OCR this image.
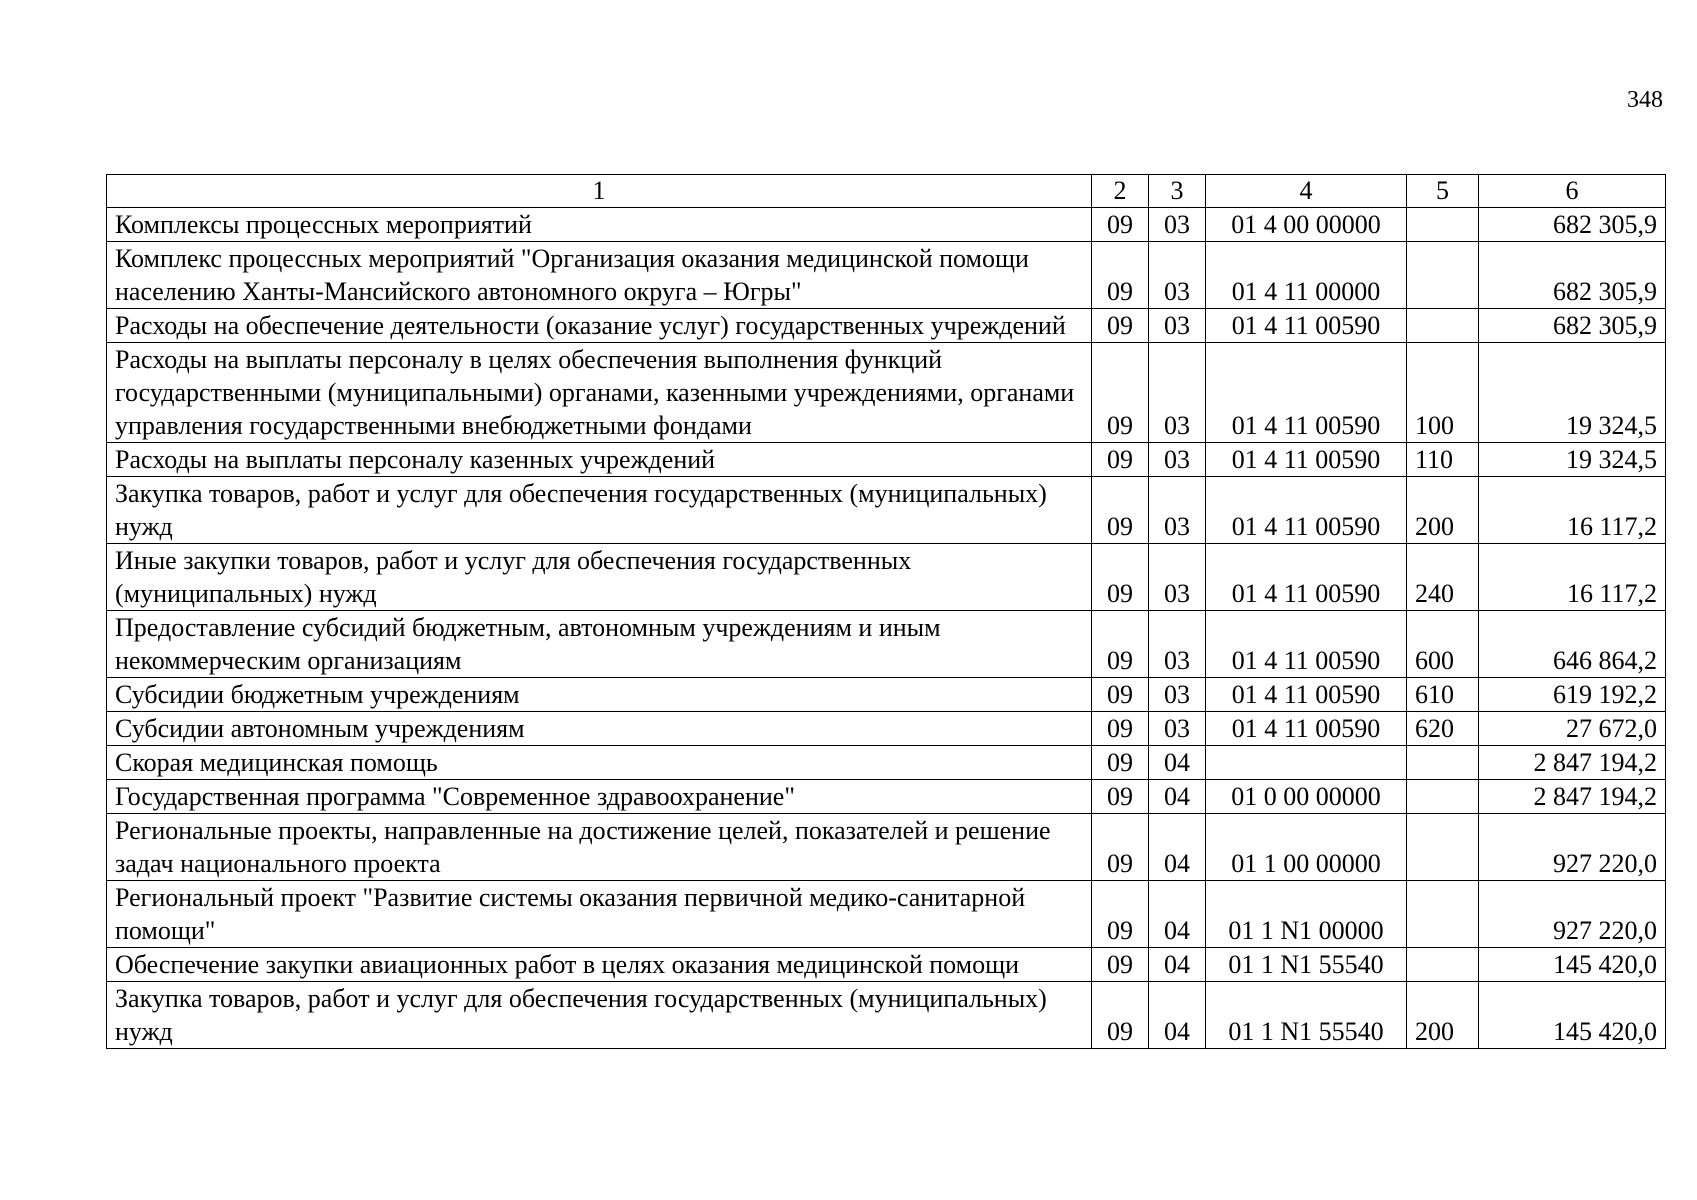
348
1	2	3	4	5	6
Комплексы процессных мероприятий	09	03	01 4 00 00000		682 305,9
Комплекс процессных мероприятий "Организация оказания медицинской помощи населению Ханты-Мансийского автономного округа – Югры"	09	03	01 4 11 00000		682 305,9
Расходы на обеспечение деятельности (оказание услуг) государственных учреждений	09	03	01 4 11 00590		682 305,9
Расходы на выплаты персоналу в целях обеспечения выполнения функций государственными (муниципальными) органами, казенными учреждениями, органами управления государственными внебюджетными фондами	09	03	01 4 11 00590	100	19 324,5
Расходы на выплаты персоналу казенных учреждений	09	03	01 4 11 00590	110	19 324,5
Закупка товаров, работ и услуг для обеспечения государственных (муниципальных) нужд	09	03	01 4 11 00590	200	16 117,2
Иные закупки товаров, работ и услуг для обеспечения государственных (муниципальных) нужд	09	03	01 4 11 00590	240	16 117,2
Предоставление субсидий бюджетным, автономным учреждениям и иным некоммерческим организациям	09	03	01 4 11 00590	600	646 864,2
Субсидии бюджетным учреждениям	09	03	01 4 11 00590	610	619 192,2
Субсидии автономным учреждениям	09	03	01 4 11 00590	620	27 672,0
Скорая медицинская помощь	09	04			2 847 194,2
Государственная программа "Современное здравоохранение"	09	04	01 0 00 00000		2 847 194,2
Региональные проекты, направленные на достижение целей, показателей и решение задач национального проекта	09	04	01 1 00 00000		927 220,0
Региональный проект "Развитие системы оказания первичной медико-санитарной помощи"	09	04	01 1 N1 00000		927 220,0
Обеспечение закупки авиационных работ в целях оказания медицинской помощи	09	04	01 1 N1 55540		145 420,0
Закупка товаров, работ и услуг для обеспечения государственных (муниципальных) нужд	09	04	01 1 N1 55540	200	145 420,0
